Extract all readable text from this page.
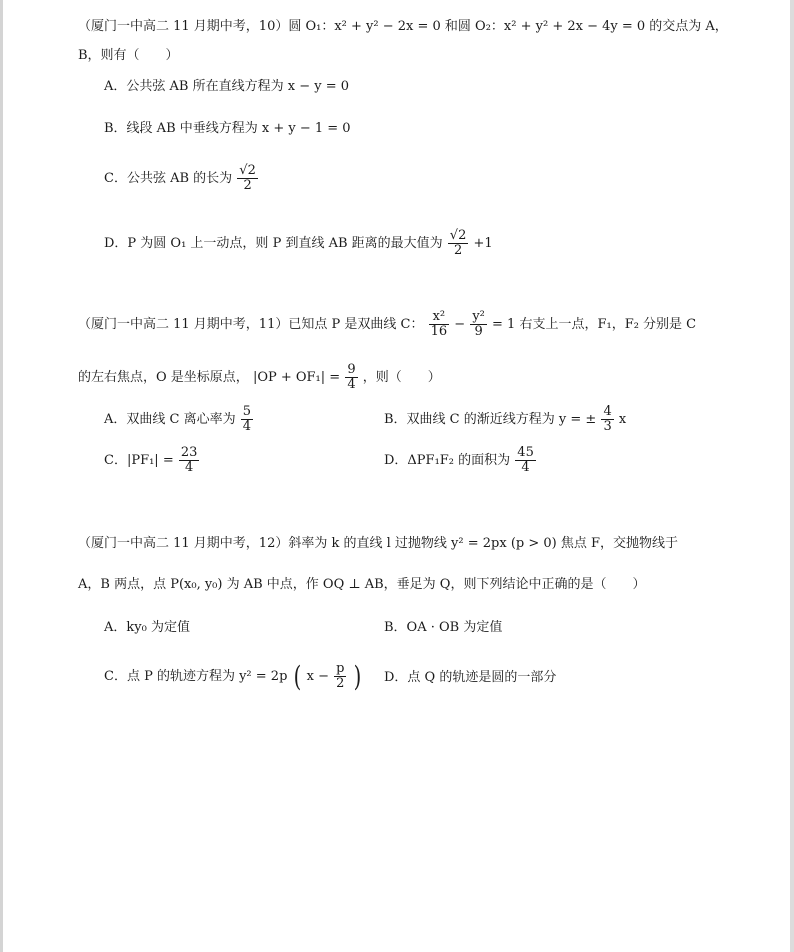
（厦门一中高二 11 月期中考，10）圆 O₁：x² + y² − 2x = 0 和圆 O₂：x² + y² + 2x − 4y = 0 的交点为 A，
B，则有（　　）
A．公共弦 AB 所在直线方程为 x − y = 0
B．线段 AB 中垂线方程为 x + y − 1 = 0
C．公共弦 AB 的长为 $\frac{√2}{2}$
D．P 为圆 O₁ 上一动点，则 P 到直线 AB 距离的最大值为 $\frac{√2}{2} +1$
（厦门一中高二 11 月期中考，11）已知点 P 是双曲线 C： $\frac{\text{x²}}{16} - \frac{\text{y²}}{9} = 1$ 右支上一点，F₁，F₂ 分别是 C
的左右焦点，O 是坐标原点， $|OP + OF_1| = \frac{9}{4}$ ，则（　　）
A．双曲线 C 离心率为 $\frac{5}{4}$	B．双曲线 C 的渐近线方程为 y = ± $\frac{4}{3}$ x
C．$|PF_1| = \frac{23}{4}$	D．ΔPF₁F₂ 的面积为 $\frac{45}{4}$
（厦门一中高二 11 月期中考，12）斜率为 k 的直线 l 过抛物线 y² = 2px (p > 0) 焦点 F，交抛物线于
A，B 两点，点 P(x₀, y₀) 为 AB 中点，作 OQ ⊥ AB，垂足为 Q，则下列结论中正确的是（　　）
A．ky₀ 为定值	B．OA · OB 为定值
C．点 P 的轨迹方程为 y² = 2p ( $x - \frac{p}{2}$ ) D．点 Q 的轨迹是圆的一部分
